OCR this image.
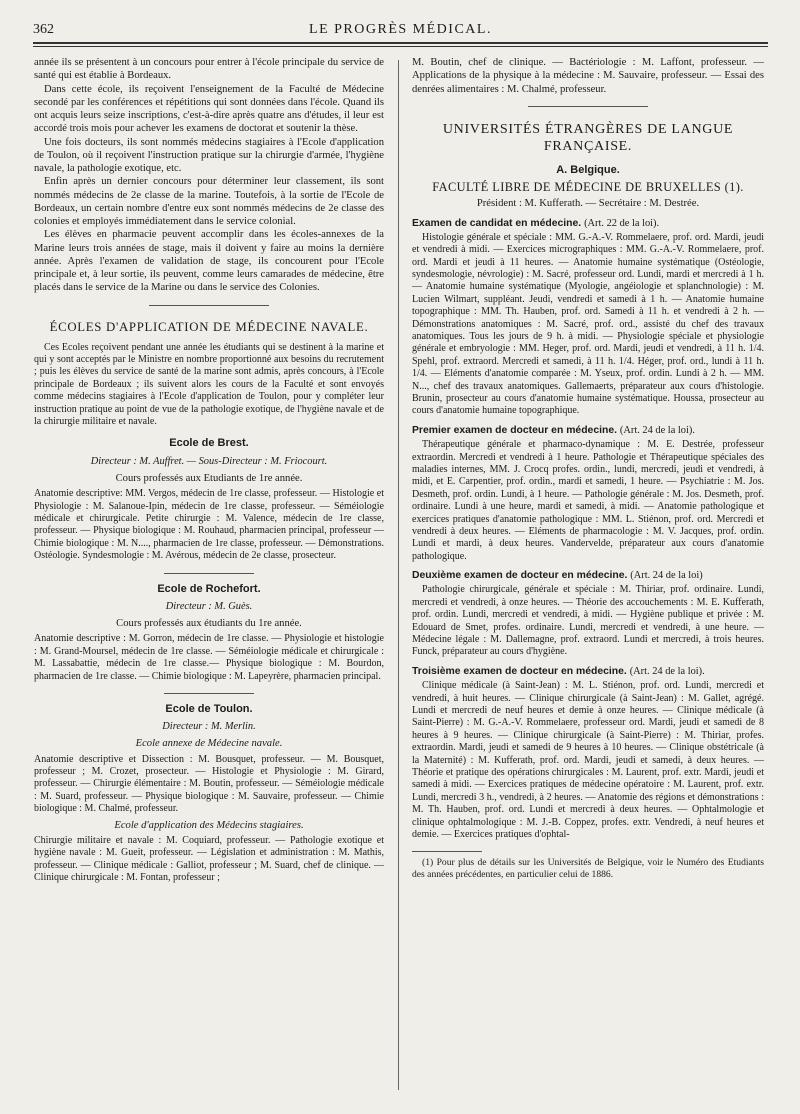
362	LE PROGRÈS MÉDICAL.

année ils se présentent à un concours pour entrer à l'école principale du service de santé qui est établie à Bordeaux.

Dans cette école, ils reçoivent l'enseignement de la Faculté de Médecine secondé par les conférences et répétitions qui sont données dans l'école. Quand ils ont acquis leurs seize inscriptions, c'est-à-dire après quatre ans d'études, il leur est accordé trois mois pour achever les examens de doctorat et soutenir la thèse.

Une fois docteurs, ils sont nommés médecins stagiaires à l'Ecole d'application de Toulon, où il reçoivent l'instruction pratique sur la chirurgie d'armée, l'hygiène navale, la pathologie exotique, etc.

Enfin après un dernier concours pour déterminer leur classement, ils sont nommés médecins de 2e classe de la marine. Toutefois, à la sortie de l'Ecole de Bordeaux, un certain nombre d'entre eux sont nommés médecins de 2e classe des colonies et employés immédiatement dans le service colonial.

Les élèves en pharmacie peuvent accomplir dans les écoles-annexes de la Marine leurs trois années de stage, mais il doivent y faire au moins la dernière année. Après l'examen de validation de stage, ils concourent pour l'Ecole principale et, à leur sortie, ils peuvent, comme leurs camarades de médecine, être placés dans le service de la Marine ou dans le service des Colonies.

ÉCOLES D'APPLICATION DE MÉDECINE NAVALE.

Ces Ecoles reçoivent pendant une année les étudiants qui se destinent à la marine et qui y sont acceptés par le Ministre en nombre proportionné aux besoins du recrutement ; puis les élèves du service de santé de la marine sont admis, après concours, à l'Ecole principale de Bordeaux ; ils suivent alors les cours de la Faculté et sont envoyés comme médecins stagiaires à l'Ecole d'application de Toulon, pour y compléter leur instruction pratique au point de vue de la pathologie exotique, de l'hygiène navale et de la chirurgie militaire et navale.

Ecole de Brest.
Directeur : M. Auffret. — Sous-Directeur : M. Friocourt.
Cours professés aux Etudiants de 1re année.

Anatomie descriptive: MM. Vergos, médecin de 1re classe, professeur. — Histologie et Physiologie : M. Salanoue-Ipin, médecin de 1re classe, professeur. — Séméiologie médicale et chirurgicale. Petite chirurgie : M. Valence, médecin de 1re classe, professeur. — Physique biologique : M. Rouhaud, pharmacien principal, professeur — Chimie biologique : M. N...., pharmacien de 1re classe, professeur. — Démonstrations. Ostéologie. Syndesmologie : M. Avérous, médecin de 2e classe, prosecteur.

Ecole de Rochefort.
Directeur : M. Guès.
Cours professés aux étudiants du 1re année.

Anatomie descriptive : M. Gorron, médecin de 1re classe. — Physiologie et histologie : M. Grand-Moursel, médecin de 1re classe. — Séméiologie médicale et chirurgicale : M. Lassabattie, médecin de 1re classe.— Physique biologique : M. Bourdon, pharmacien de 1re classe. — Chimie biologique : M. Lapeyrère, pharmacien principal.

Ecole de Toulon.
Directeur : M. Merlin.
Ecole annexe de Médecine navale.

Anatomie descriptive et Dissection : M. Bousquet, professeur. — M. Bousquet, professeur ; M. Crozet, prosecteur. — Histologie et Physiologie : M. Girard, professeur. — Chirurgie élémentaire : M. Boutin, professeur. — Séméiologie médicale : M. Suard, professeur. — Physique biologique : M. Sauvaire, professeur. — Chimie biologique : M. Chalmé, professeur.

Ecole d'application des Médecins stagiaires.

Chirurgie militaire et navale : M. Coquiard, professeur. — Pathologie exotique et hygiène navale : M. Gueit, professeur. — Législation et administration : M. Mathis, professeur. — Clinique médicale : Galliot, professeur ; M. Suard, chef de clinique. — Clinique chirurgicale : M. Fontan, professeur ;

M. Boutin, chef de clinique. — Bactériologie : M. Laffont, professeur. — Applications de la physique à la médecine : M. Sauvaire, professeur. — Essai des denrées alimentaires : M. Chalmé, professeur.

UNIVERSITÉS ÉTRANGÈRES DE LANGUE FRANÇAISE.
A. Belgique.
FACULTÉ LIBRE DE MÉDECINE DE BRUXELLES (1).
Président : M. Kufferath. — Secrétaire : M. Destrée.
Examen de candidat en médecine. (Art. 22 de la loi).

Histologie générale et spéciale : MM. G.-A.-V. Rommelaere, prof. ord. Mardi, jeudi et vendredi à midi. — Exercices micrographiques : MM. G.-A.-V. Rommelaere, prof. ord. Mardi et jeudi à 11 heures. — Anatomie humaine systématique (Ostéologie, syndesmologie, névrologie) : M. Sacré, professeur ord. Lundi, mardi et mercredi à 1 h. — Anatomie humaine systématique (Myologie, angéiologie et splanchnologie) : M. Lucien Wilmart, suppléant. Jeudi, vendredi et samedi à 1 h. — Anatomie humaine topographique : MM. Th. Hauben, prof. ord. Samedi à 11 h. et vendredi à 2 h. — Démonstrations anatomiques : M. Sacré, prof. ord., assisté du chef des travaux anatomiques. Tous les jours de 9 h. à midi. — Physiologie spéciale et physiologie générale et embryologie : MM. Heger, prof. ord. Mardi, jeudi et vendredi, à 11 h. 1/4. Spehl, prof. extraord. Mercredi et samedi, à 11 h. 1/4. Héger, prof. ord., lundi à 11 h. 1/4. — Eléments d'anatomie comparée : M. Yseux, prof. ordin. Lundi à 2 h. — MM. N..., chef des travaux anatomiques. Gallemaerts, préparateur aux cours d'histologie. Brunin, prosecteur au cours d'anatomie humaine systématique. Houssa, prosecteur au cours d'anatomie humaine topographique.

Premier examen de docteur en médecine. (Art. 24 de la loi).

Thérapeutique générale et pharmaco-dynamique : M. E. Destrée, professeur extraordin. Mercredi et vendredi à 1 heure. Pathologie et Thérapeutique spéciales des maladies internes, MM. J. Crocq profes. ordin., lundi, mercredi, jeudi et vendredi, à midi, et E. Carpentier, prof. ordin., mardi et samedi, 1 heure. — Psychiatrie : M. Jos. Desmeth, prof. ordin. Lundi, à 1 heure. — Pathologie générale : M. Jos. Desmeth, prof. ordinaire. Lundi à une heure, mardi et samedi, à midi. — Anatomie pathologique et exercices pratiques d'anatomie pathologique : MM. L. Stiénon, prof. ord. Mercredi et vendredi à deux heures. — Eléments de pharmacologie : M. V. Jacques, prof. ordin. Lundi et mardi, à deux heures. Vandervelde, préparateur aux cours d'anatomie pathologique.

Deuxième examen de docteur en médecine. (Art. 24 de la loi)

Pathologie chirurgicale, générale et spéciale : M. Thiriar, prof. ordinaire. Lundi, mercredi et vendredi, à onze heures. — Théorie des accouchements : M. E. Kufferath, prof. ordin. Lundi, mercredi et vendredi, à midi. — Hygiène publique et privée : M. Edouard de Smet, profes. ordinaire. Lundi, mercredi et vendredi, à une heure. — Médecine légale : M. Dallemagne, prof. extraord. Lundi et mercredi, à trois heures. Funck, préparateur au cours d'hygiène.

Troisième examen de docteur en médecine. (Art. 24 de la loi).

Clinique médicale (à Saint-Jean) : M. L. Stiénon, prof. ord. Lundi, mercredi et vendredi, à huit heures. — Clinique chirurgicale (à Saint-Jean) : M. Gallet, agrégé. Lundi et mercredi de neuf heures et demie à onze heures. — Clinique médicale (à Saint-Pierre) : M. G.-A.-V. Rommelaere, professeur ord. Mardi, jeudi et samedi de 8 heures à 9 heures. — Clinique chirurgicale (à Saint-Pierre) : M. Thiriar, profes. extraordin. Mardi, jeudi et samedi de 9 heures à 10 heures. — Clinique obstétricale (à la Maternité) : M. Kufferath, prof. ord. Mardi, jeudi et samedi, à deux heures. — Théorie et pratique des opérations chirurgicales : M. Laurent, prof. extr. Mardi, jeudi et samedi à midi. — Exercices pratiques de médecine opératoire : M. Laurent, prof. extr. Lundi, mercredi 3 h., vendredi, à 2 heures. — Anatomie des régions et démonstrations : M. Th. Hauben, prof. ord. Lundi et mercredi à deux heures. — Ophtalmologie et clinique ophtalmologique : M. J.-B. Coppez, profes. extr. Vendredi, à neuf heures et demie. — Exercices pratiques d'ophtal-

(1) Pour plus de détails sur les Universités de Belgique, voir le Numéro des Etudiants des années précédentes, en particulier celui de 1886.
